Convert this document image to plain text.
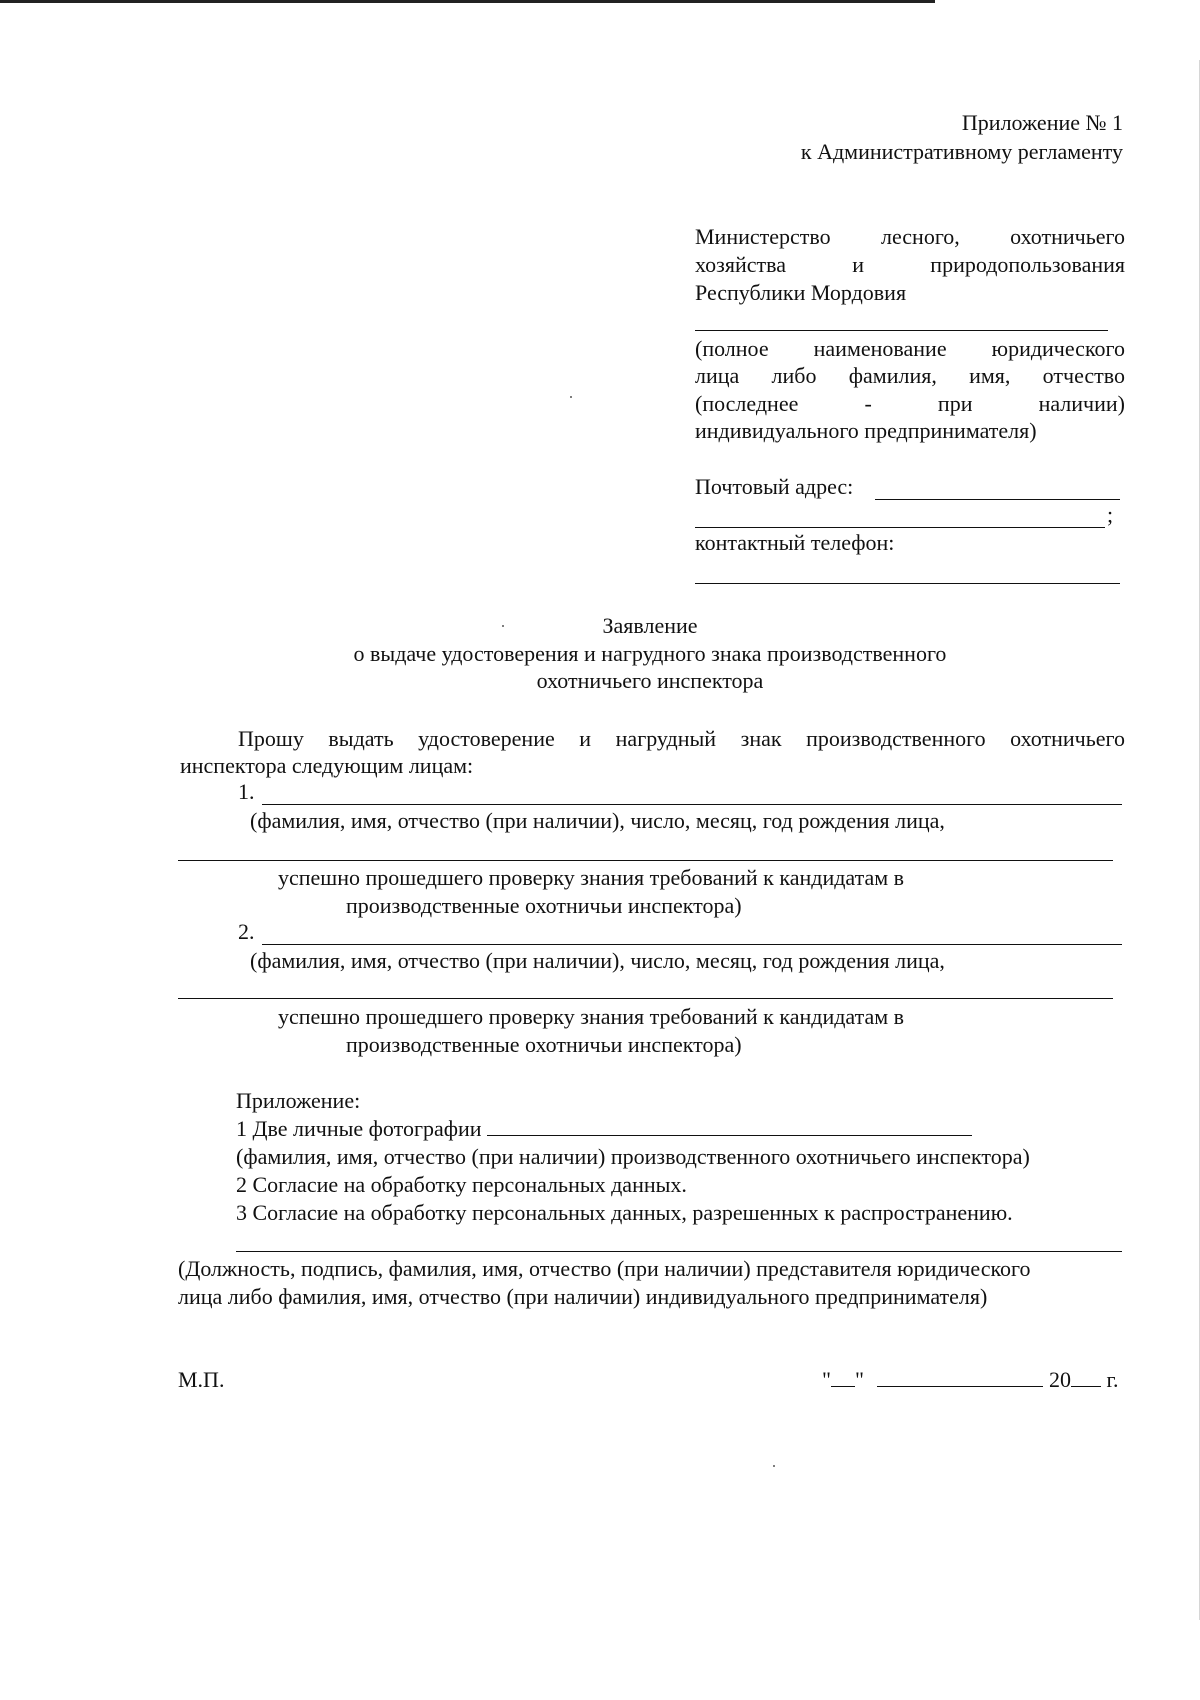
Приложение № 1

к Административному регламенту

Министерство лесного, охотничьего

хозяйства и природопользования

Республики Мордовия

(полное наименование юридического

лица либо фамилия, имя, отчество

(последнее - при наличии)

индивидуального предпринимателя)

Почтовый адрес:

;

контактный телефон:

Заявление

о выдаче удостоверения и нагрудного знака производственного

охотничьего инспектора

Прошу выдать удостоверение и нагрудный знак производственного охотничьего

инспектора следующим лицам:

1.

(фамилия, имя, отчество (при наличии), число, месяц, год рождения лица,

успешно прошедшего проверку знания требований к кандидатам в

производственные охотничьи инспектора)

2.

(фамилия, имя, отчество (при наличии), число, месяц, год рождения лица,

успешно прошедшего проверку знания требований к кандидатам в

производственные охотничьи инспектора)

Приложение:

1 Две личные фотографии

(фамилия, имя, отчество (при наличии) производственного охотничьего инспектора)

2 Согласие на обработку персональных данных.

3 Согласие на обработку персональных данных, разрешенных к распространению.

(Должность, подпись, фамилия, имя, отчество (при наличии) представителя юридического

лица либо фамилия, имя, отчество (при наличии) индивидуального предпринимателя)

М.П.	" "	20 г.
